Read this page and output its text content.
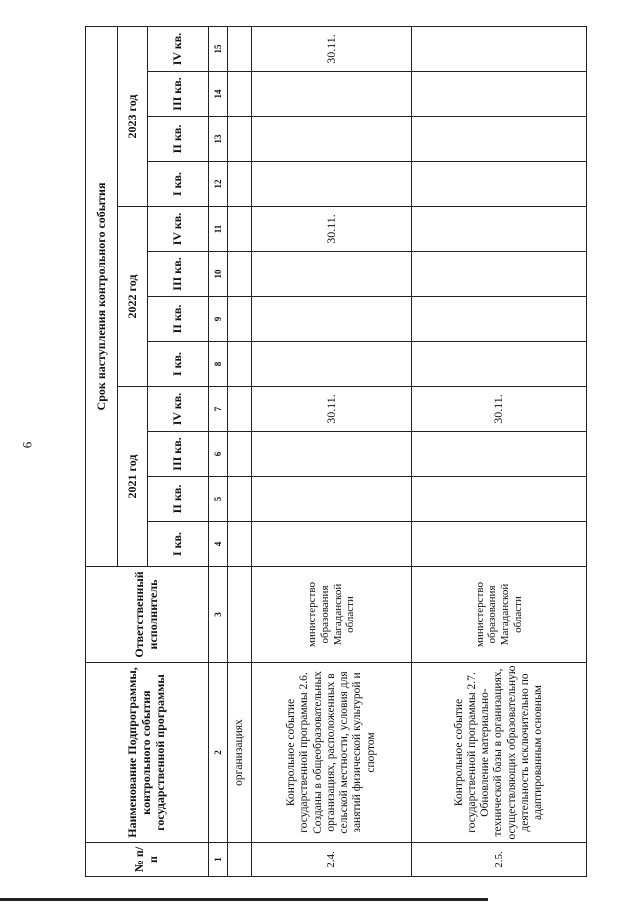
6
№ п/п	Наименование Подпрограммы, контрольного события государственной программы	Ответственный исполнитель	Срок наступления контрольного события											
			2021 год				2022 год				2023 год			
			I кв.	II кв.	III кв.	IV кв.	I кв.	II кв.	III кв.	IV кв.	I кв.	II кв.	III кв.	IV кв.
1	2	3	4	5	6	7	8	9	10	11	12	13	14	15
	организациях													
2.4.	Контрольное событие государственной программы 2.6. Созданы в общеобразовательных организациях, расположенных в сельской местности, условия для занятий физической культурой и спортом	министерство образования Магаданской области				30.11.				30.11.				30.11.
2.5.	Контрольное событие государственной программы 2.7. Обновление материально-технической базы в организациях, осуществляющих образовательную деятельность исключительно по адаптированным основным	министерство образования Магаданской области				30.11.								
